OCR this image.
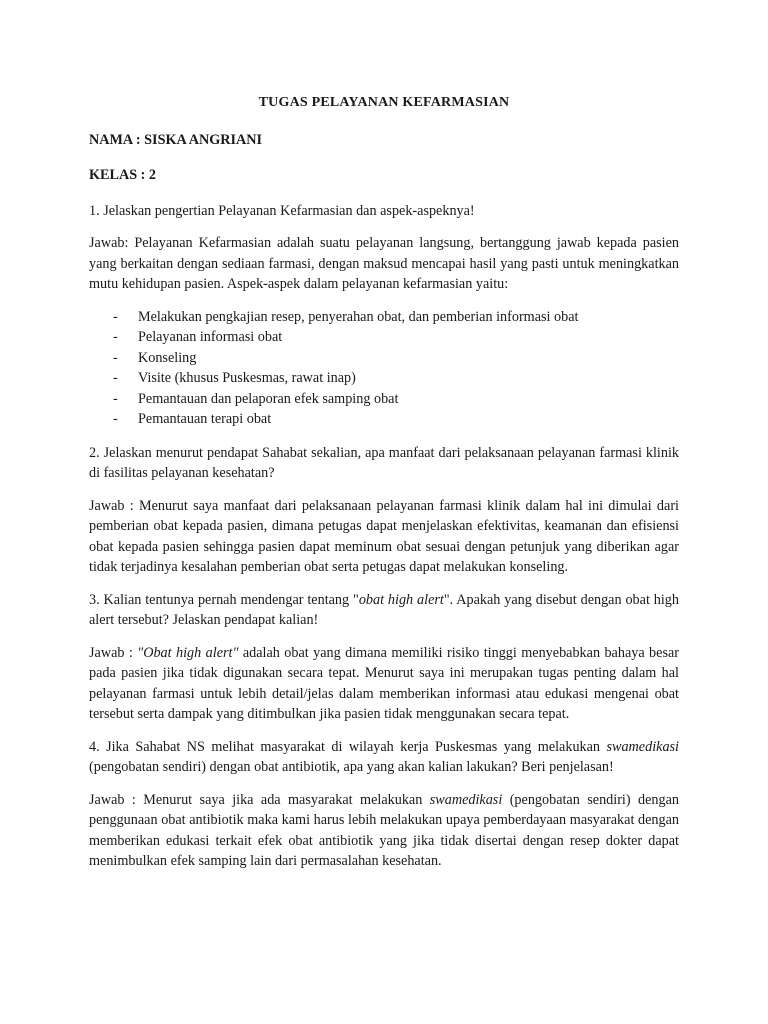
TUGAS PELAYANAN KEFARMASIAN
NAMA : SISKA ANGRIANI
KELAS : 2

1. Jelaskan pengertian Pelayanan Kefarmasian dan aspek-aspeknya!

Jawab: Pelayanan Kefarmasian adalah suatu pelayanan langsung, bertanggung jawab kepada pasien yang berkaitan dengan sediaan farmasi, dengan maksud mencapai hasil yang pasti untuk meningkatkan mutu kehidupan pasien. Aspek-aspek dalam pelayanan kefarmasian yaitu:

- Melakukan pengkajian resep, penyerahan obat, dan pemberian informasi obat
- Pelayanan informasi obat
- Konseling
- Visite (khusus Puskesmas, rawat inap)
- Pemantauan dan pelaporan efek samping obat
- Pemantauan terapi obat

2. Jelaskan menurut pendapat Sahabat sekalian, apa manfaat dari pelaksanaan pelayanan farmasi klinik di fasilitas pelayanan kesehatan?

Jawab : Menurut saya manfaat dari pelaksanaan pelayanan farmasi klinik dalam hal ini dimulai dari pemberian obat kepada pasien, dimana petugas dapat menjelaskan efektivitas, keamanan dan efisiensi obat kepada pasien sehingga pasien dapat meminum obat sesuai dengan petunjuk yang diberikan agar tidak terjadinya kesalahan pemberian obat serta petugas dapat melakukan konseling.

3. Kalian tentunya pernah mendengar tentang "obat high alert". Apakah yang disebut dengan obat high alert tersebut? Jelaskan pendapat kalian!

Jawab : "Obat high alert" adalah obat yang dimana memiliki risiko tinggi menyebabkan bahaya besar pada pasien jika tidak digunakan secara tepat. Menurut saya ini merupakan tugas penting dalam hal pelayanan farmasi untuk lebih detail/jelas dalam memberikan informasi atau edukasi mengenai obat tersebut serta dampak yang ditimbulkan jika pasien tidak menggunakan secara tepat.

4. Jika Sahabat NS melihat masyarakat di wilayah kerja Puskesmas yang melakukan swamedikasi (pengobatan sendiri) dengan obat antibiotik, apa yang akan kalian lakukan? Beri penjelasan!

Jawab : Menurut saya jika ada masyarakat melakukan swamedikasi (pengobatan sendiri) dengan penggunaan obat antibiotik maka kami harus lebih melakukan upaya pemberdayaan masyarakat dengan memberikan edukasi terkait efek obat antibiotik yang jika tidak disertai dengan resep dokter dapat menimbulkan efek samping lain dari permasalahan kesehatan.
